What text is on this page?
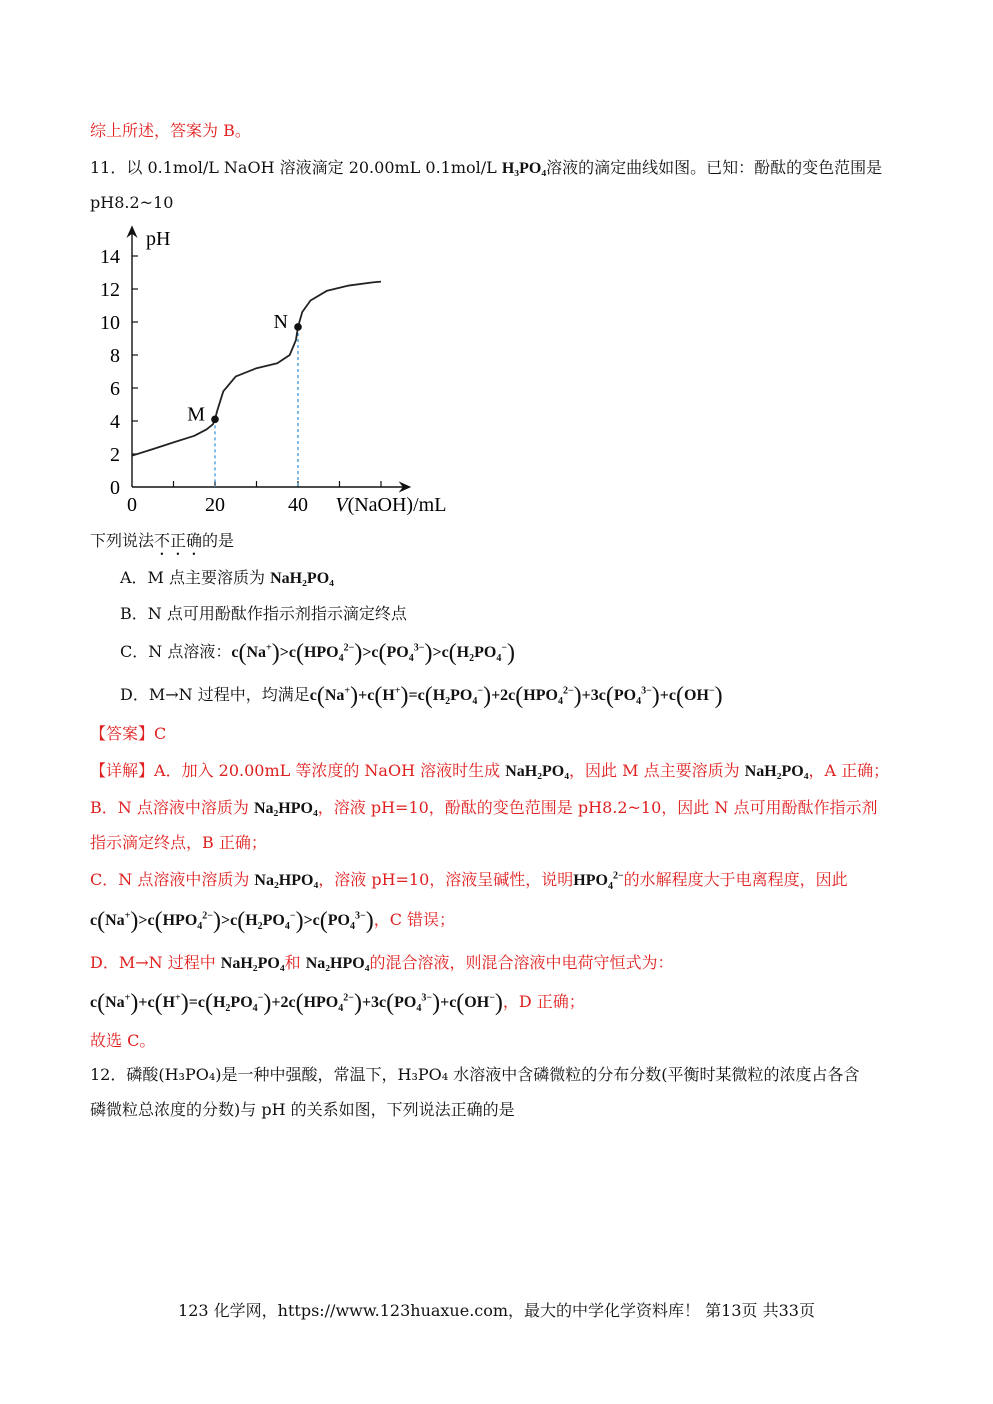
综上所述，答案为 B。
11．以 0.1mol/L NaOH 溶液滴定 20.00mL 0.1mol/L H₃PO₄溶液的滴定曲线如图。已知：酚酞的变色范围是
pH8.2~10
0
2
4
6
8
10
12
14
0	20	40
M
N
pH
V(NaOH)/mL
下列说法不正确的是
A．M 点主要溶质为 NaH₂PO₄
B．N 点可用酚酞作指示剂指示滴定终点
C．N 点溶液：$c(Na^+)>c(HPO_4^{2-})>c(PO_4^{3-})>c(H_2PO_4^-)$
D．M→N 过程中，均满足$c(Na^+)+c(H^+)=c(H_2PO_4^-)+2c(HPO_4^{2-})+3c(PO_4^{3-})+c(OH^-)$
【答案】C
【详解】A．加入 20.00mL 等浓度的 NaOH 溶液时生成 NaH₂PO₄，因此 M 点主要溶质为 NaH₂PO₄，A 正确；
B．N 点溶液中溶质为 Na₂HPO₄，溶液 pH=10，酚酞的变色范围是 pH8.2~10，因此 N 点可用酚酞作指示剂
指示滴定终点，B 正确；
C．N 点溶液中溶质为 Na₂HPO₄，溶液 pH=10，溶液呈碱性，说明$HPO_4^{2-}$的水解程度大于电离程度，因此
$c(Na^+)>c(HPO_4^{2-})>c(H_2PO_4^-)>c(PO_4^{3-})$，C 错误；
D．M→N 过程中 NaH₂PO₄和 Na₂HPO₄的混合溶液，则混合溶液中电荷守恒式为：
$c(Na^+)+c(H^+)=c(H_2PO_4^-)+2c(HPO_4^{2-})+3c(PO_4^{3-})+c(OH^-)$，D 正确；
故选 C。
12．磷酸(H₃PO₄)是一种中强酸，常温下，H₃PO₄ 水溶液中含磷微粒的分布分数(平衡时某微粒的浓度占各含
磷微粒总浓度的分数)与 pH 的关系如图，下列说法正确的是
123 化学网，https://www.123huaxue.com，最大的中学化学资料库！ 第13页 共33页
